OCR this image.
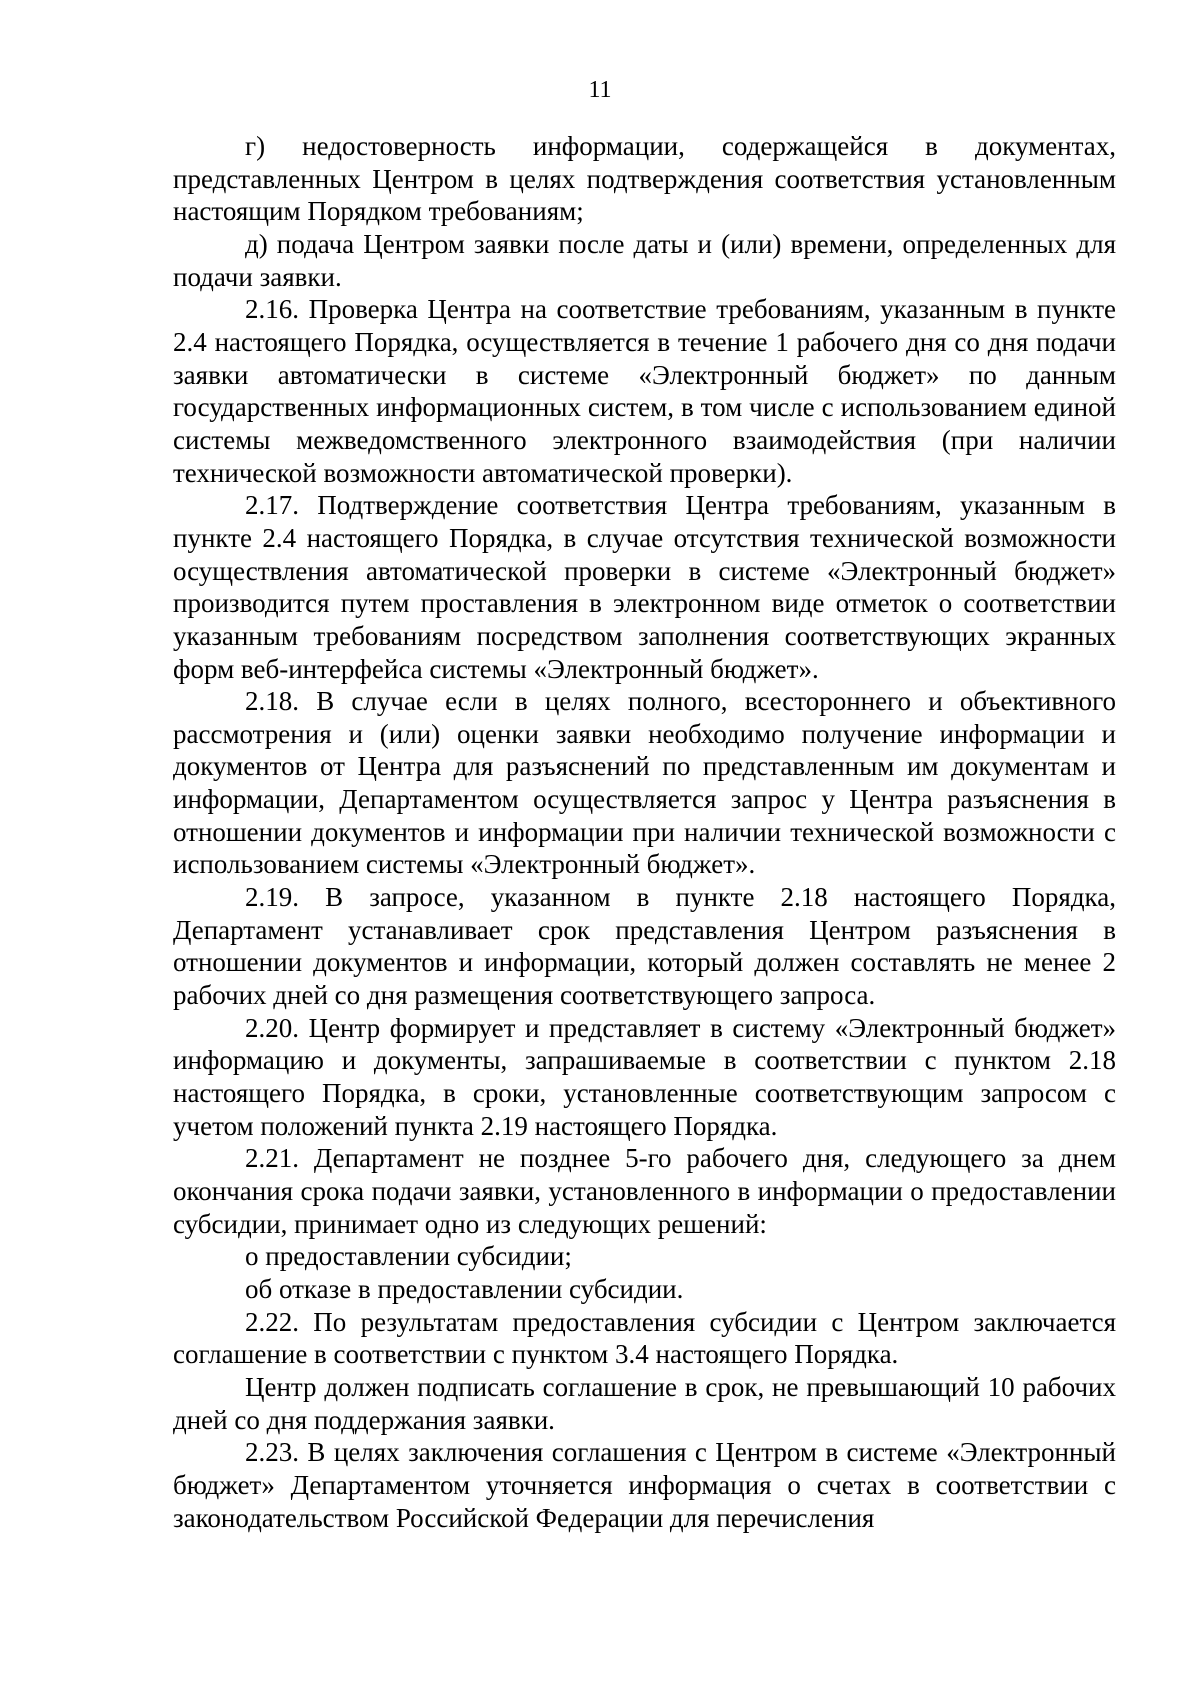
11

г) недостоверность информации, содержащейся в документах, представленных Центром в целях подтверждения соответствия установленным настоящим Порядком требованиям;

д) подача Центром заявки после даты и (или) времени, определенных для подачи заявки.

2.16. Проверка Центра на соответствие требованиям, указанным в пункте 2.4 настоящего Порядка, осуществляется в течение 1 рабочего дня со дня подачи заявки автоматически в системе «Электронный бюджет» по данным государственных информационных систем, в том числе с использованием единой системы межведомственного электронного взаимодействия (при наличии технической возможности автоматической проверки).

2.17. Подтверждение соответствия Центра требованиям, указанным в пункте 2.4 настоящего Порядка, в случае отсутствия технической возможности осуществления автоматической проверки в системе «Электронный бюджет» производится путем проставления в электронном виде отметок о соответствии указанным требованиям посредством заполнения соответствующих экранных форм веб-интерфейса системы «Электронный бюджет».

2.18. В случае если в целях полного, всестороннего и объективного рассмотрения и (или) оценки заявки необходимо получение информации и документов от Центра для разъяснений по представленным им документам и информации, Департаментом осуществляется запрос у Центра разъяснения в отношении документов и информации при наличии технической возможности с использованием системы «Электронный бюджет».

2.19. В запросе, указанном в пункте 2.18 настоящего Порядка, Департамент устанавливает срок представления Центром разъяснения в отношении документов и информации, который должен составлять не менее 2 рабочих дней со дня размещения соответствующего запроса.

2.20. Центр формирует и представляет в систему «Электронный бюджет» информацию и документы, запрашиваемые в соответствии с пунктом 2.18 настоящего Порядка, в сроки, установленные соответствующим запросом с учетом положений пункта 2.19 настоящего Порядка.

2.21. Департамент не позднее 5-го рабочего дня, следующего за днем окончания срока подачи заявки, установленного в информации о предоставлении субсидии, принимает одно из следующих решений:

о предоставлении субсидии;

об отказе в предоставлении субсидии.

2.22. По результатам предоставления субсидии с Центром заключается соглашение в соответствии с пунктом 3.4 настоящего Порядка.

Центр должен подписать соглашение в срок, не превышающий 10 рабочих дней со дня поддержания заявки.

2.23. В целях заключения соглашения с Центром в системе «Электронный бюджет» Департаментом уточняется информация о счетах в соответствии с законодательством Российской Федерации для перечисления
